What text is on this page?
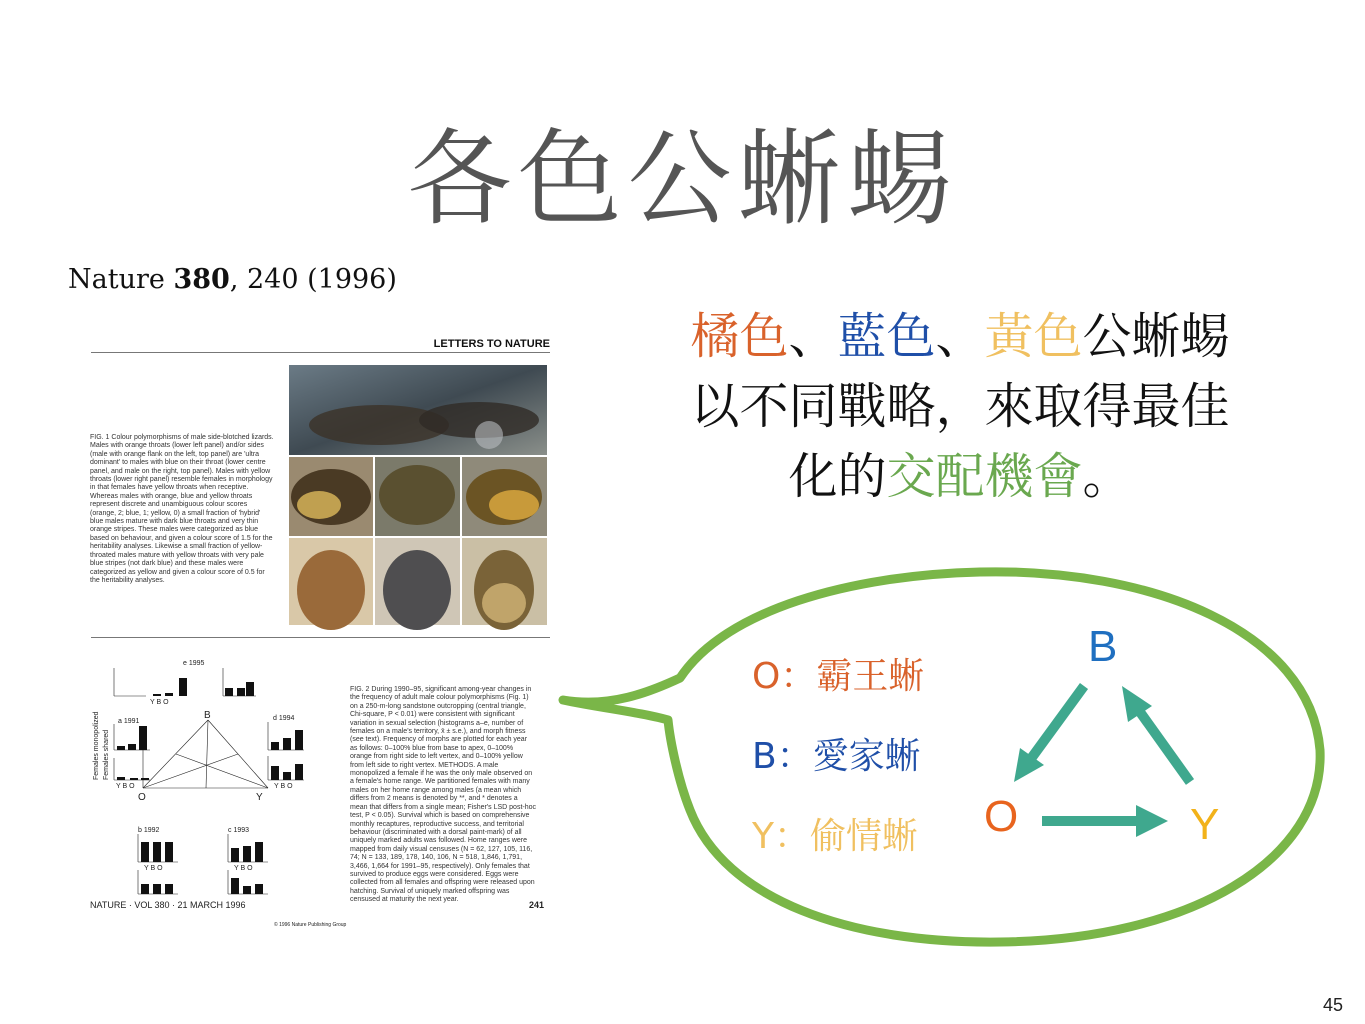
各色公蜥蜴
Nature 380, 240 (1996)
橘色、藍色、黃色公蜥蜴
以不同戰略，來取得最佳
化的交配機會。
LETTERS TO NATURE
FIG. 1 Colour polymorphisms of male side-blotched lizards. Males with orange throats (lower left panel) and/or sides (male with orange flank on the left, top panel) are 'ultra dominant' to males with blue on their throat (lower centre panel, and male on the right, top panel). Males with yellow throats (lower right panel) resemble females in morphology in that females have yellow throats when receptive. Whereas males with orange, blue and yellow throats represent discrete and unambiguous colour scores (orange, 2; blue, 1; yellow, 0) a small fraction of 'hybrid' blue males mature with dark blue throats and very thin orange stripes. These males were categorized as blue based on behaviour, and given a colour score of 1.5 for the heritability analyses. Likewise a small fraction of yellow-throated males mature with yellow throats with very pale blue stripes (not dark blue) and these males were categorized as yellow and given a colour score of 0.5 for the heritability analyses.
a 1991
e 1995
d 1994
b 1992	c 1993
B
O	Y
Y B O
Y B O	Y B O
Y B O	Y B O
Females monopolized Females shared
FIG. 2 During 1990–95, significant among-year changes in the frequency of adult male colour polymorphisms (Fig. 1) on a 250-m-long sandstone outcropping (central triangle, Chi-square, P < 0.01) were consistent with significant variation in sexual selection (histograms a–e, number of females on a male's territory, x̄ ± s.e.), and morph fitness (see text). Frequency of morphs are plotted for each year as follows: 0–100% blue from base to apex, 0–100% orange from right side to left vertex, and 0–100% yellow from left side to right vertex. METHODS. A male monopolized a female if he was the only male observed on a female's home range. We partitioned females with many males on her home range among males (a mean which differs from 2 means is denoted by **, and * denotes a mean that differs from a single mean; Fisher's LSD post-hoc test, P < 0.05). Survival which is based on comprehensive monthly recaptures, reproductive success, and territorial behaviour (discriminated with a dorsal paint-mark) of all uniquely marked adults was followed. Home ranges were mapped from daily visual censuses (N = 62, 127, 105, 116, 74; N = 133, 189, 178, 140, 106, N = 518, 1,846, 1,791, 3,466, 1,664 for 1991–95, respectively). Only females that survived to produce eggs were considered. Eggs were collected from all females and offspring were released upon hatching. Survival of uniquely marked offspring was censused at maturity the next year.
NATURE · VOL 380 · 21 MARCH 1996	241
© 1996 Nature Publishing Group
O：霸王蜥
B：愛家蜥
Y：偷情蜥
B
O	Y
45
